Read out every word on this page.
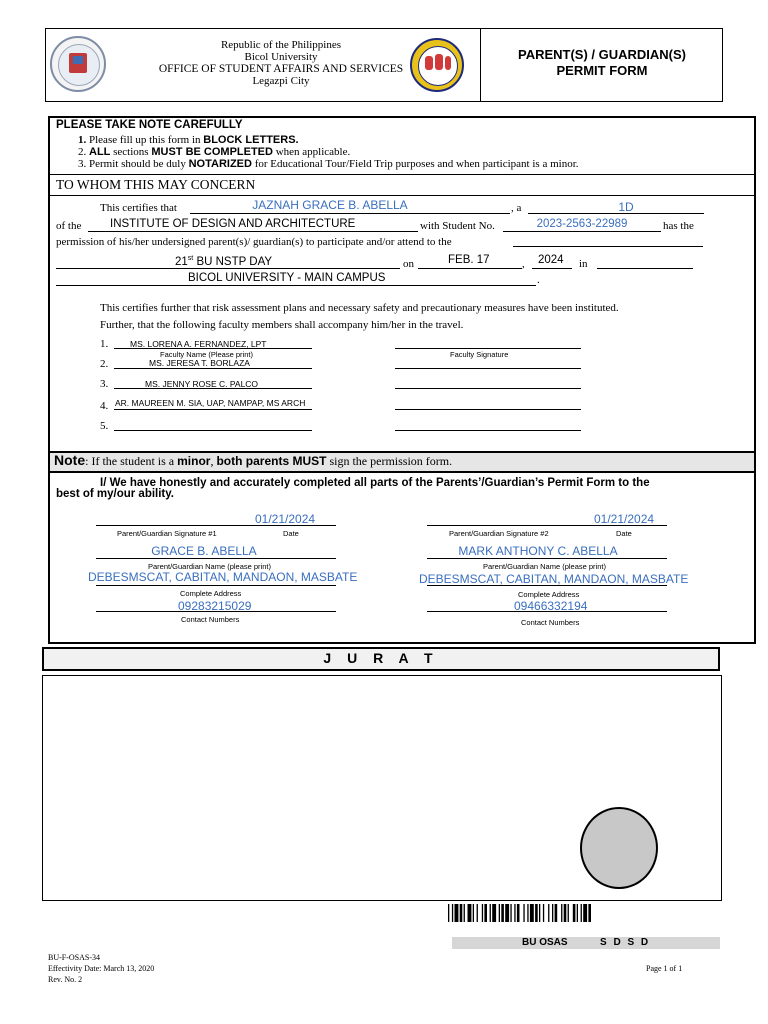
Republic of the Philippines
Bicol University
OFFICE OF STUDENT AFFAIRS AND SERVICES
Legazpi City
PARENT(S) / GUARDIAN(S)
PERMIT FORM
PLEASE TAKE NOTE CAREFULLY
1. Please fill up this form in BLOCK LETTERS.
2. ALL sections MUST BE COMPLETED when applicable.
3. Permit should be duly NOTARIZED for Educational Tour/Field Trip purposes and when participant is a minor.
TO WHOM THIS MAY CONCERN
This certifies that	JAZNAH GRACE B. ABELLA	, a	1D
of the INSTITUTE OF DESIGN AND ARCHITECTURE	with Student No.	2023-2563-22989	has the
permission of his/her undersigned parent(s)/ guardian(s) to participate and/or attend to the
21st BU NSTP DAY	on	FEB. 17	, 2024 in
BICOL UNIVERSITY - MAIN CAMPUS	.
This certifies further that risk assessment plans and necessary safety and precautionary measures have been instituted.
Further, that the following faculty members shall accompany him/her in the travel.
1.	MS. LORENA A. FERNANDEZ, LPT
Faculty Name (Please print)	Faculty Signature
2.	MS. JERESA T. BORLAZA
3.	MS. JENNY ROSE C. PALCO
4. AR. MAUREEN M. SIA, UAP, NAMPAP, MS ARCH
5.
Note: If the student is a minor, both parents MUST sign the permission form.
I/ We have honestly and accurately completed all parts of the Parents’/Guardian’s Permit Form to the
best of my/our ability.
01/21/2024
Parent/Guardian Signature #1	Date
GRACE B. ABELLA
Parent/Guardian Name (please print)
DEBESMSCAT, CABITAN, MANDAON, MASBATE
Complete Address
09283215029
Contact Numbers
01/21/2024
Parent/Guardian Signature #2	Date
MARK ANTHONY C. ABELLA
Parent/Guardian Name (please print)
DEBESMSCAT, CABITAN, MANDAON, MASBATE
Complete Address
09466332194
Contact Numbers
J U R A T
BU OSAS	S D S D
BU-F-OSAS-34
Effectivity Date: March 13, 2020
Rev. No. 2
Page 1 of 1
